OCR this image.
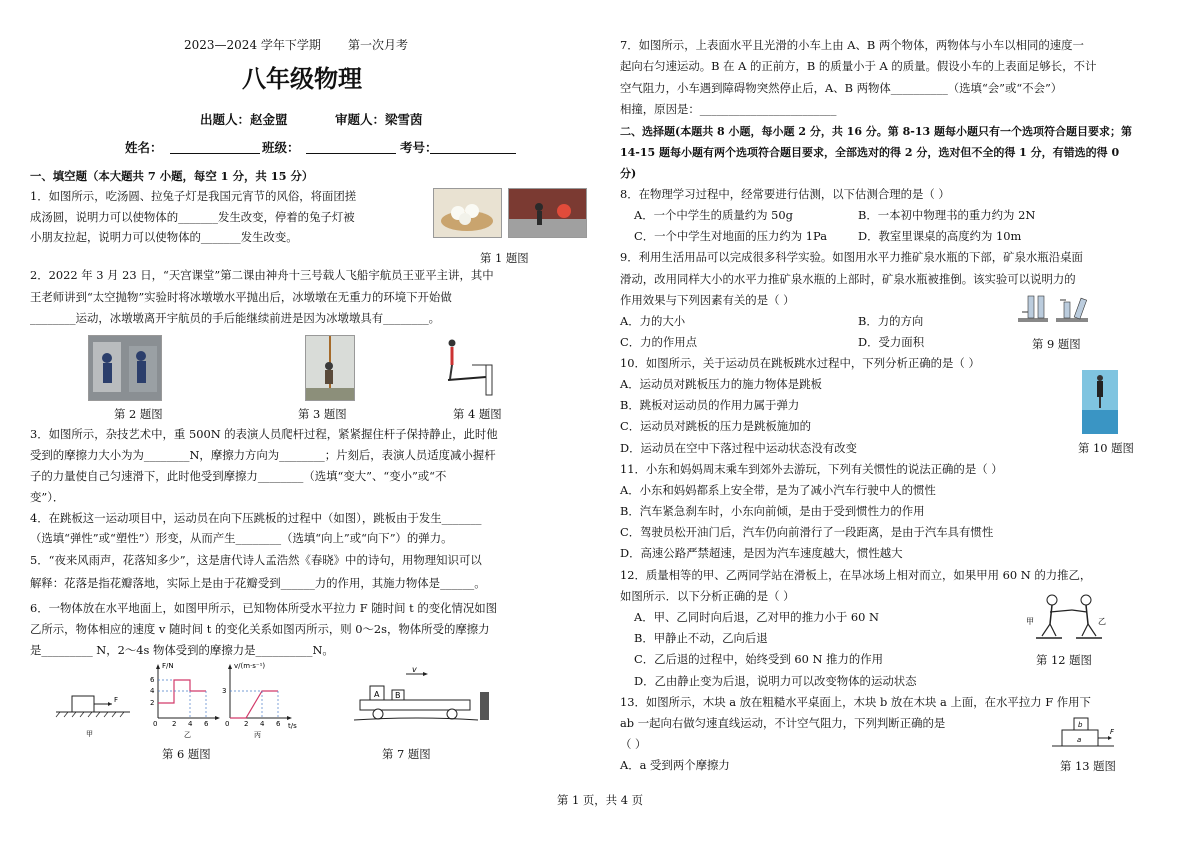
2023—2024 学年下学期 第一次月考
八年级物理
出题人：赵金盟	审题人：梁雪茵
姓名：	班级：	考号：
一、填空题（本大题共 7 小题，每空 1 分，共 15 分）
1．如图所示，吃汤圆、拉兔子灯是我国元宵节的风俗，将面团搓
成汤圆，说明力可以使物体的_______发生改变，停着的兔子灯被
小朋友拉起，说明力可以使物体的_______发生改变。
第 1 题图
2．2022 年 3 月 23 日，“天宫课堂”第二课由神舟十三号载人飞船宇航员王亚平主讲，其中
王老师讲到“太空抛物”实验时将冰墩墩水平抛出后，冰墩墩在无重力的环境下开始做
________运动，冰墩墩离开宇航员的手后能继续前进是因为冰墩墩具有________。
第 2 题图	第 3 题图	第 4 题图
3．如图所示，杂技艺术中，重 500N 的表演人员爬杆过程，紧紧握住杆子保持静止，此时他
受到的摩擦力大小为为________N，摩擦力方向为________；片刻后，表演人员适度减小握杆
子的力量使自己匀速滑下，此时他受到摩擦力________（选填“变大”、“变小”或“不
变”）．
4．在跳板这一运动项目中，运动员在向下压跳板的过程中（如图），跳板由于发生_______
（选填“弹性”或“塑性”）形变，从而产生________（选填“向上”或“向下”）的弹力。
5．“夜来风雨声，花落知多少”，这是唐代诗人孟浩然《春晓》中的诗句，用物理知识可以
解释：花落是指花瓣落地，实际上是由于花瓣受到______力的作用，其施力物体是______。
6．一物体放在水平地面上，如图甲所示，已知物体所受水平拉力 F 随时间 t 的变化情况如图
乙所示，物体相应的速度 v 随时间 t 的变化关系如图丙所示，则 0～2s，物体所受的摩擦力
是_________ N，2～4s 物体受到的摩擦力是__________N。
F
甲
F/N
6
4
2
0 2 4 6
乙
v/(m·s⁻¹)
3
0 2 4 6 t/s
丙
第 6 题图
v
A B
第 7 题图
7．如图所示，上表面水平且光滑的小车上由 A、B 两个物体，两物体与小车以相同的速度一
起向右匀速运动。B 在 A 的正前方，B 的质量小于 A 的质量。假设小车的上表面足够长，不计
空气阻力，小车遇到障碍物突然停止后，A、B 两物体__________（选填“会”或“不会”）
相撞，原因是：________________________
二、选择题(本题共 8 小题，每小题 2 分，共 16 分。第 8-13 题每小题只有一个选项符合题目要求；第
14-15 题每小题有两个选项符合题目要求，全部选对的得 2 分，选对但不全的得 1 分，有错选的得 0
分)
8．在物理学习过程中，经常要进行估测，以下估测合理的是（ ）
A．一个中学生的质量约为 50g	B．一本初中物理书的重力约为 2N
C．一个中学生对地面的压力约为 1Pa	D．教室里课桌的高度约为 10m
9．利用生活用品可以完成很多科学实验。如图用水平力推矿泉水瓶的下部，矿泉水瓶沿桌面
滑动，改用同样大小的水平力推矿泉水瓶的上部时，矿泉水瓶被推倒。该实验可以说明力的
作用效果与下列因素有关的是（ ）
A．力的大小	B．力的方向
C．力的作用点	D．受力面积	第 9 题图
10．如图所示，关于运动员在跳板跳水过程中，下列分析正确的是（ ）
A．运动员对跳板压力的施力物体是跳板
B．跳板对运动员的作用力属于弹力
C．运动员对跳板的压力是跳板施加的
D．运动员在空中下落过程中运动状态没有改变	第 10 题图
11．小东和妈妈周末乘车到郊外去游玩，下列有关惯性的说法正确的是（ ）
A．小东和妈妈都系上安全带，是为了减小汽车行驶中人的惯性
B．汽车紧急刹车时，小东向前倾，是由于受到惯性力的作用
C．驾驶员松开油门后，汽车仍向前滑行了一段距离，是由于汽车具有惯性
D．高速公路严禁超速，是因为汽车速度越大，惯性越大
12．质量相等的甲、乙两同学站在滑板上，在旱冰场上相对而立，如果甲用 60 N 的力推乙，
如图所示．以下分析正确的是（ ）
A．甲、乙同时向后退，乙对甲的推力小于 60 N
B．甲静止不动，乙向后退
C．乙后退的过程中，始终受到 60 N 推力的作用
D．乙由静止变为后退，说明力可以改变物体的运动状态
甲	乙
第 12 题图
13．如图所示，木块 a 放在粗糙水平桌面上，木块 b 放在木块 a 上面，在水平拉力 F 作用下
ab 一起向右做匀速直线运动，不计空气阻力，下列判断正确的是
（ ）
A．a 受到两个摩擦力
b
a
F
第 13 题图
第 1 页，共 4 页
